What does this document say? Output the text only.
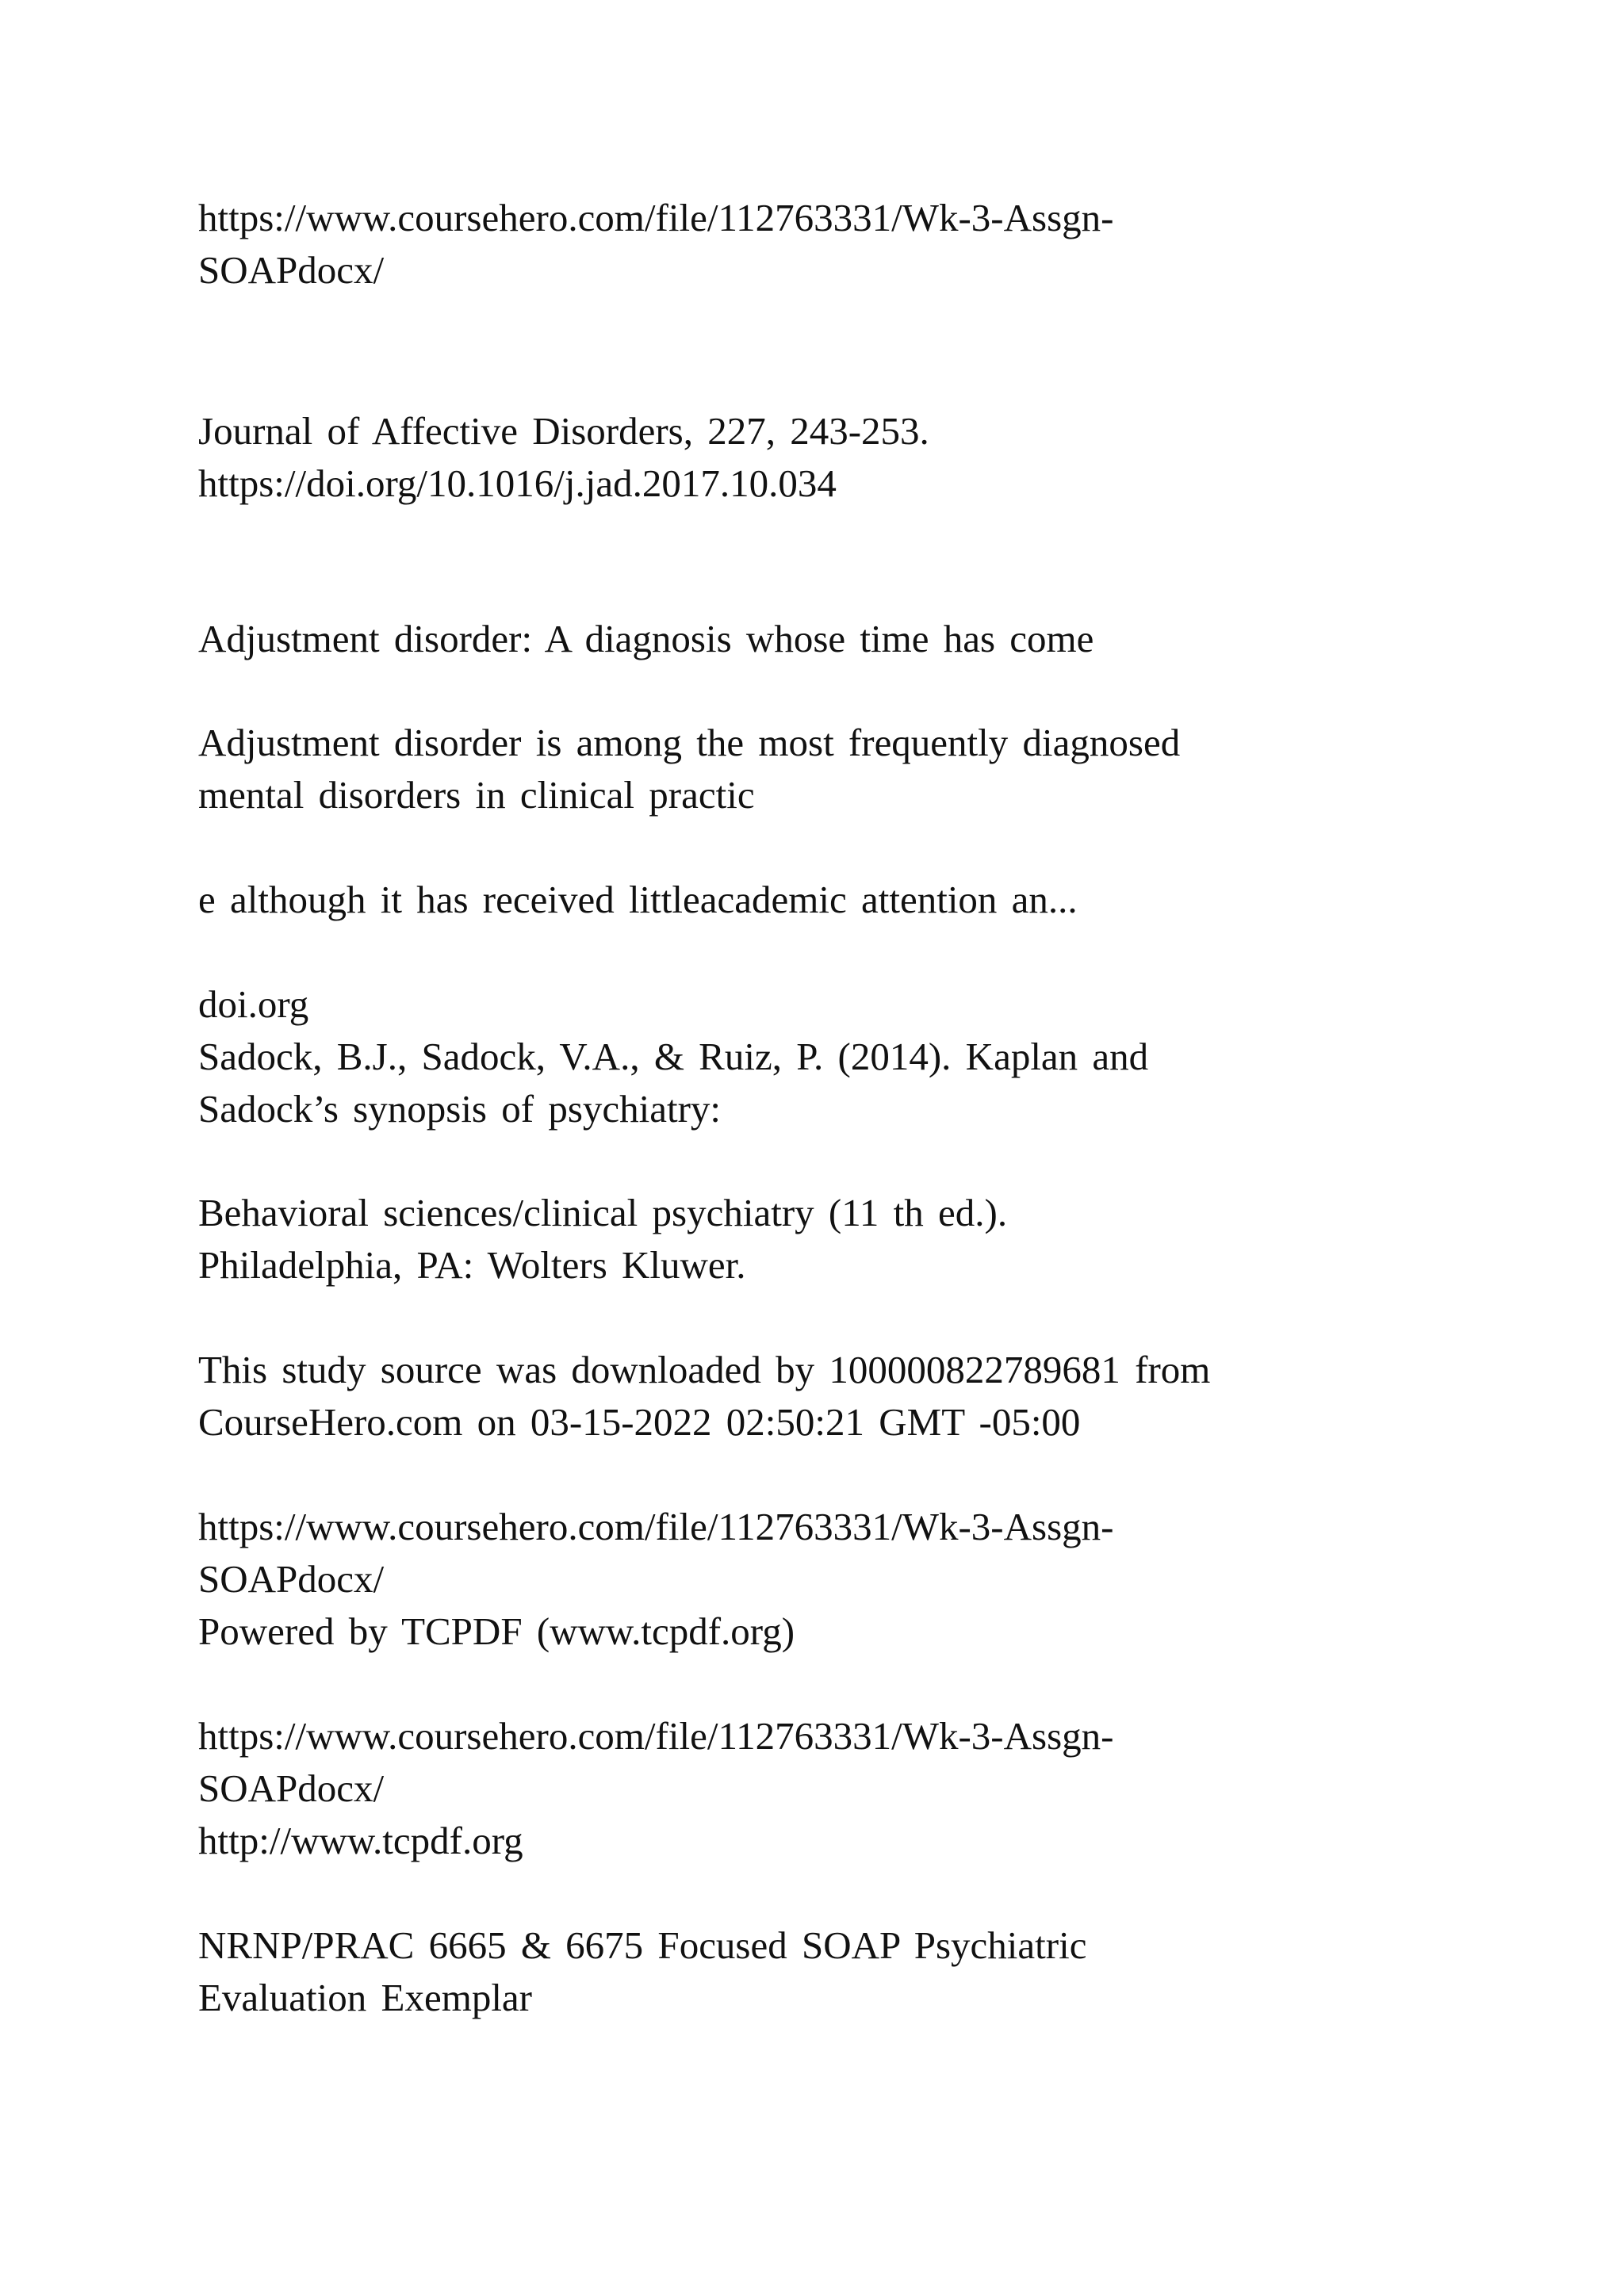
https://www.coursehero.com/file/112763331/Wk-3-Assgn-

SOAPdocx/

Journal of Affective Disorders, 227, 243-253.

https://doi.org/10.1016/j.jad.2017.10.034

Adjustment disorder: A diagnosis whose time has come

Adjustment disorder is among the most frequently diagnosed

mental disorders in clinical practic

e although it has received littleacademic attention an...

doi.org

Sadock, B.J., Sadock, V.A., & Ruiz, P. (2014). Kaplan and

Sadock’s synopsis of psychiatry:

Behavioral sciences/clinical psychiatry (11 th ed.).

Philadelphia, PA: Wolters Kluwer.

This study source was downloaded by 100000822789681 from

CourseHero.com on 03-15-2022 02:50:21 GMT -05:00

https://www.coursehero.com/file/112763331/Wk-3-Assgn-

SOAPdocx/

Powered by TCPDF (www.tcpdf.org)

https://www.coursehero.com/file/112763331/Wk-3-Assgn-

SOAPdocx/

http://www.tcpdf.org

NRNP/PRAC 6665 & 6675 Focused SOAP Psychiatric

Evaluation Exemplar
